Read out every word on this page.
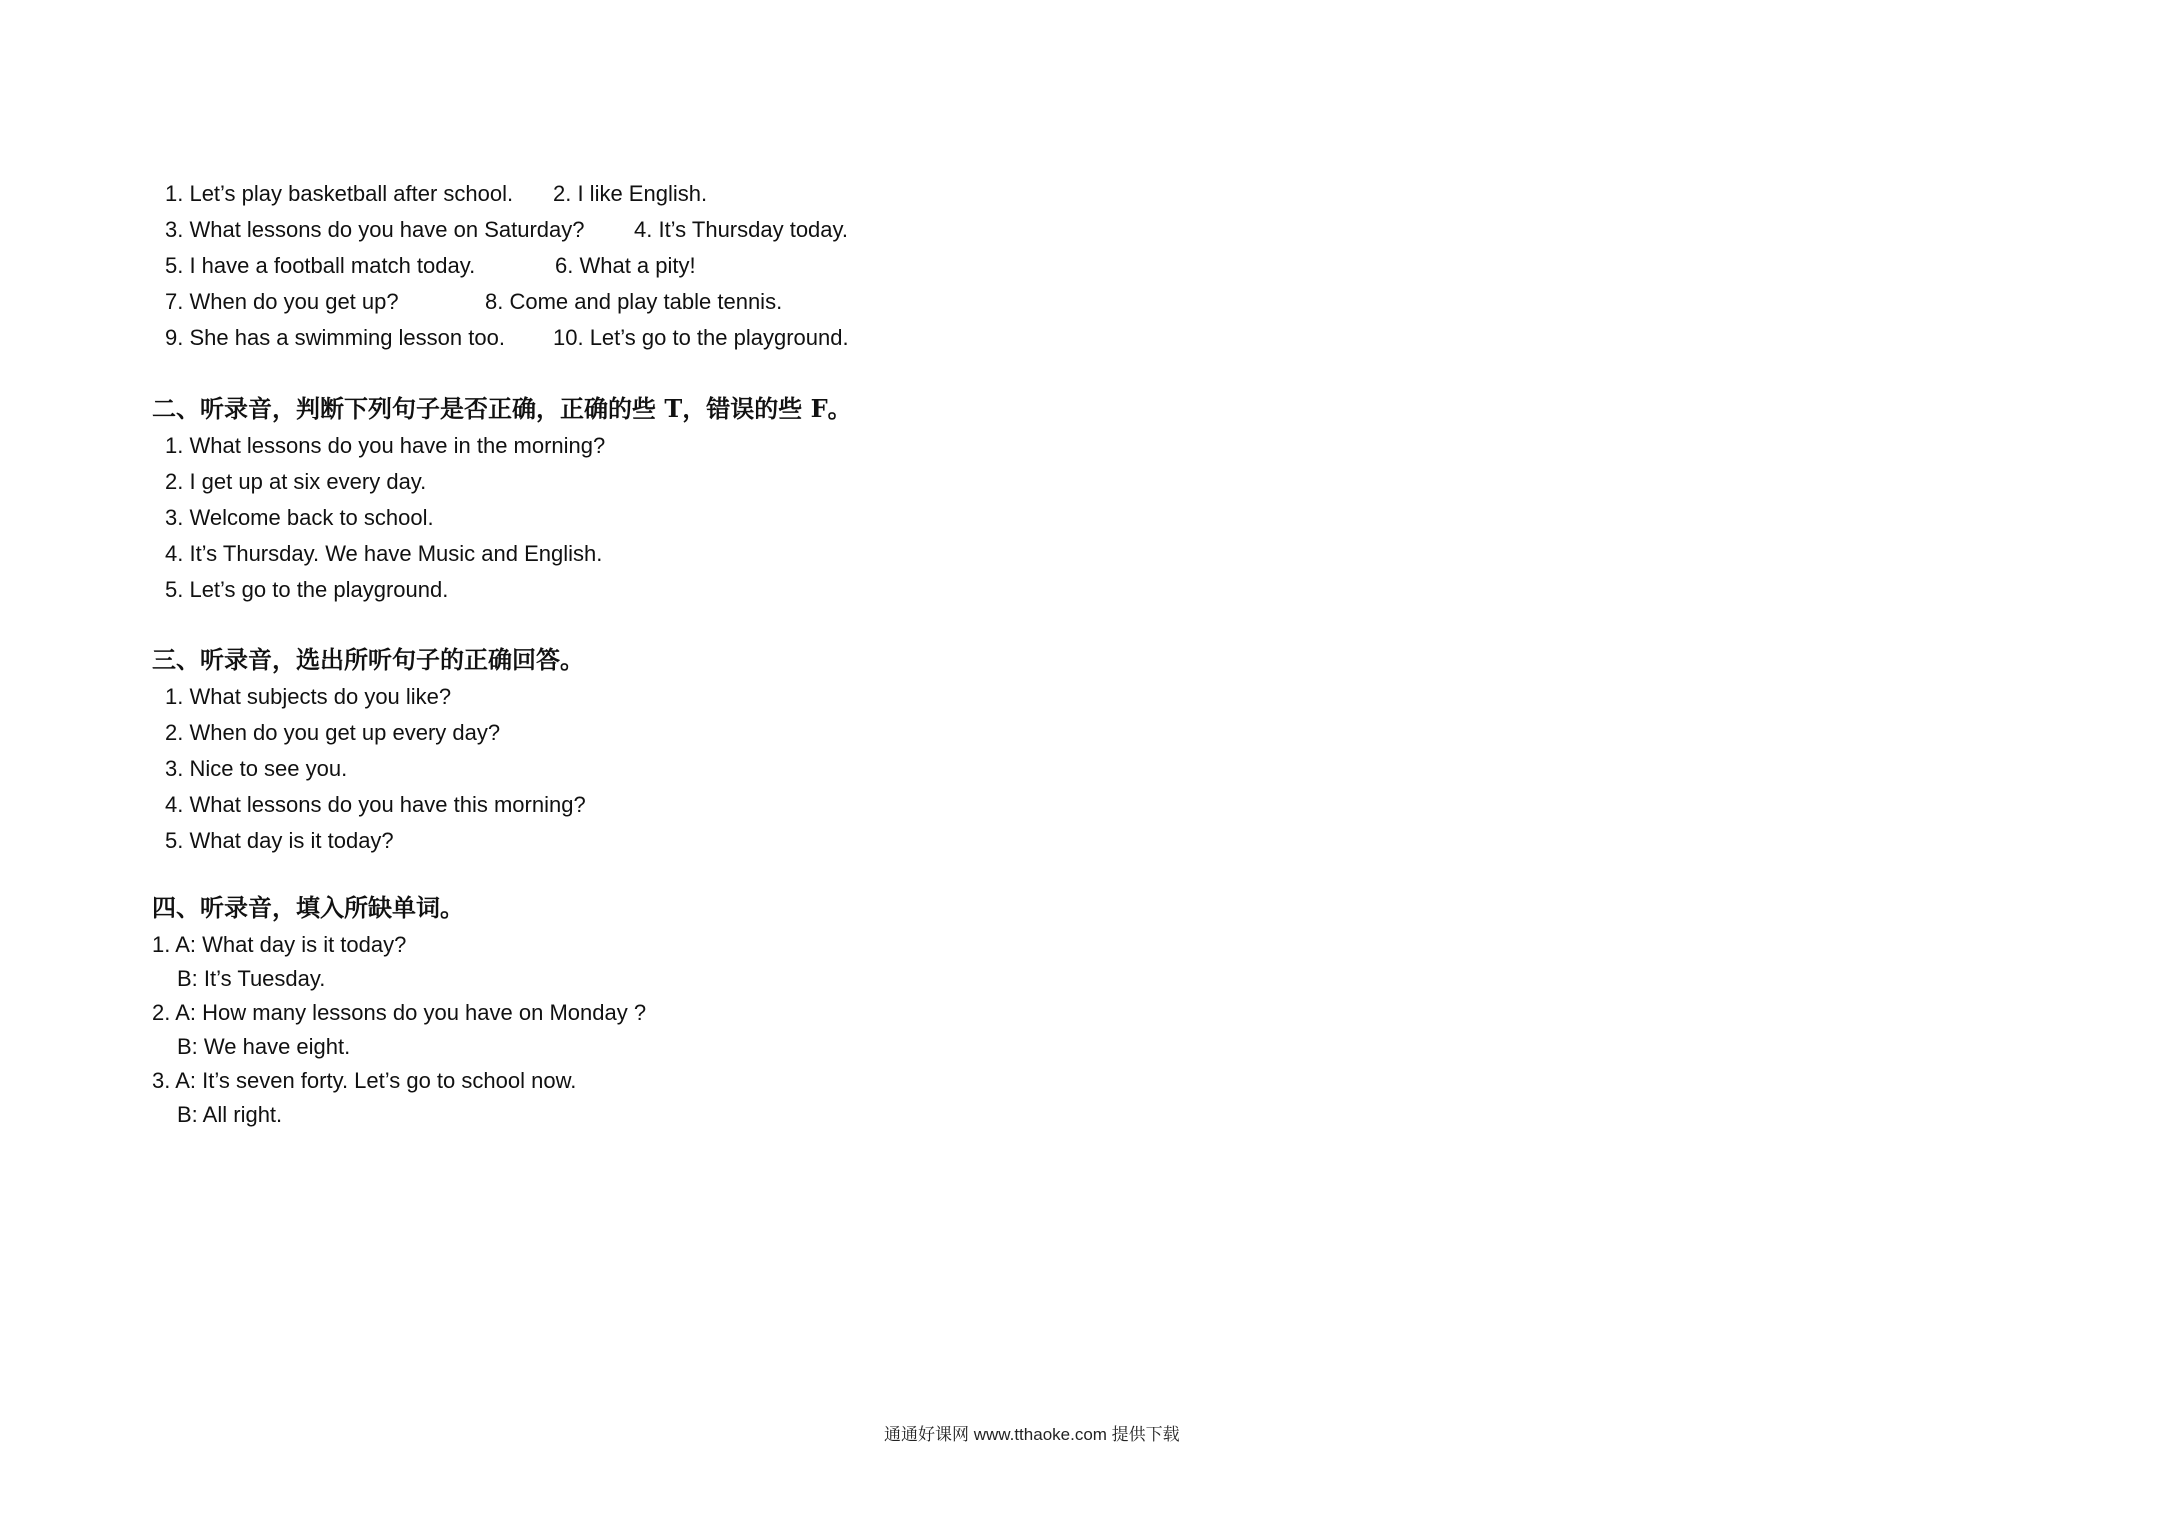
1. Let’s play basketball after school. 2. I like English.
3. What lessons do you have on Saturday? 4. It’s Thursday today.
5. I have a football match today.	6. What a pity!
7. When do you get up?	8. Come and play table tennis.
9. She has a swimming lesson too. 10. Let’s go to the playground.
二、听录音，判断下列句子是否正确，正确的些 T，错误的些 F。
1. What lessons do you have in the morning?
2. I get up at six every day.
3. Welcome back to school.
4. It’s Thursday. We have Music and English.
5. Let’s go to the playground.
三、听录音，选出所听句子的正确回答。
1. What subjects do you like?
2. When do you get up every day?
3. Nice to see you.
4. What lessons do you have this morning?
5. What day is it today?
四、听录音，填入所缺单词。
1. A: What day is it today?
B: It’s Tuesday.
2. A: How many lessons do you have on Monday ?
B: We have eight.
3. A: It’s seven forty. Let’s go to school now.
B: All right.
通通好课网 www.tthaoke.com 提供下载
